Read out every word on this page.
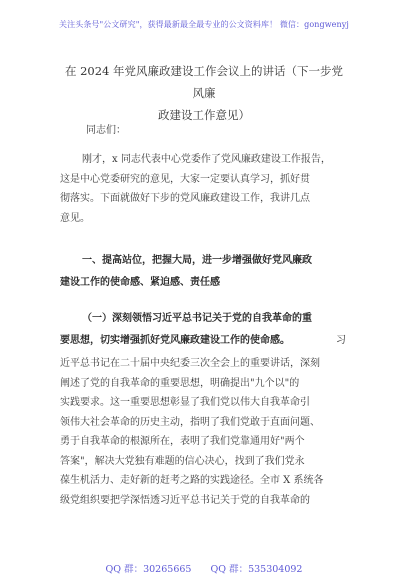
关注头条号"公文研究"，获得最新最全最专业的公文资料库！ 微信：gongwenyj
在 2024 年党风廉政建设工作会议上的讲话（下一步党风廉
政建设工作意见）
同志们：
刚才，x 同志代表中心党委作了党风廉政建设工作报告，
这是中心党委研究的意见，大家一定要认真学习，抓好贯
彻落实。下面就做好下步的党风廉政建设工作，我讲几点
意见。
一、提高站位，把握大局，进一步增强做好党风廉政
建设工作的使命感、紧迫感、责任感
（一）深刻领悟习近平总书记关于党的自我革命的重
要思想，切实增强抓好党风廉政建设工作的使命感。	习
近平总书记在二十届中央纪委三次全会上的重要讲话，深刻
阐述了党的自我革命的重要思想，明确提出"九个以"的
实践要求。这一重要思想彰显了我们党以伟大自我革命引
领伟大社会革命的历史主动，指明了我们党敢于直面问题、
勇于自我革命的根源所在，表明了我们党靠通用好"两个
答案"，解决大党独有难题的信心决心，找到了我们党永
葆生机活力、走好新的赶考之路的实践途径。全市 X 系统各
级党组织要把学深悟透习近平总书记关于党的自我革命的
QQ 群：30265665 QQ 群：535304092
